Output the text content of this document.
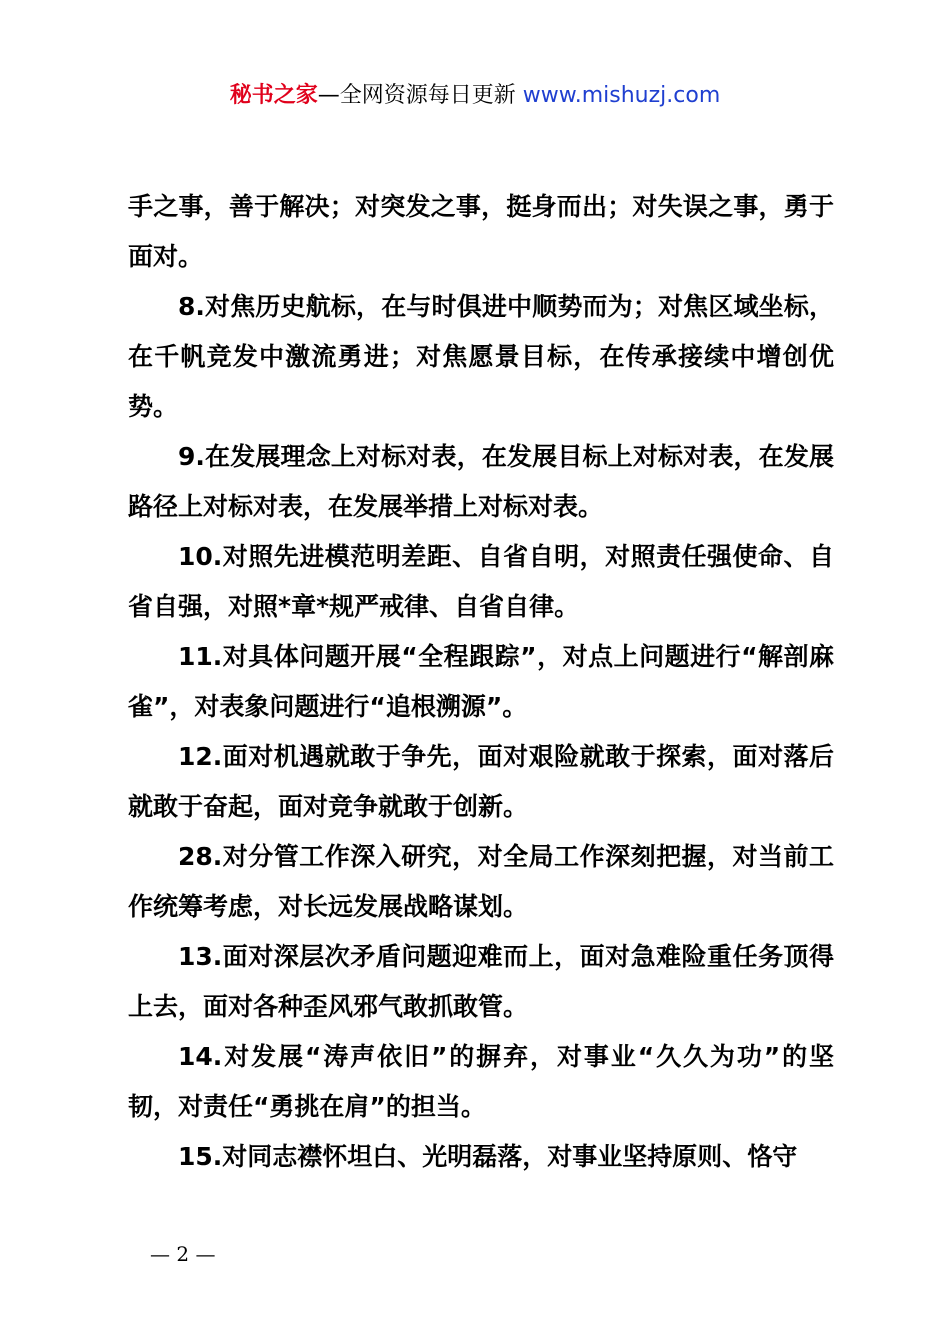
秘书之家—全网资源每日更新 www.mishuzj.com

手之事，善于解决；对突发之事，挺身而出；对失误之事，勇于面对。

8.对焦历史航标，在与时俱进中顺势而为；对焦区域坐标，在千帆竞发中激流勇进；对焦愿景目标，在传承接续中增创优势。

9.在发展理念上对标对表，在发展目标上对标对表，在发展路径上对标对表，在发展举措上对标对表。

10.对照先进模范明差距、自省自明，对照责任强使命、自省自强，对照*章*规严戒律、自省自律。

11.对具体问题开展“全程跟踪”，对点上问题进行“解剖麻雀”，对表象问题进行“追根溯源”。

12.面对机遇就敢于争先，面对艰险就敢于探索，面对落后就敢于奋起，面对竞争就敢于创新。

28.对分管工作深入研究，对全局工作深刻把握，对当前工作统筹考虑，对长远发展战略谋划。

13.面对深层次矛盾问题迎难而上，面对急难险重任务顶得上去，面对各种歪风邪气敢抓敢管。

14.对发展“涛声依旧”的摒弃，对事业“久久为功”的坚韧，对责任“勇挑在肩”的担当。

15.对同志襟怀坦白、光明磊落，对事业坚持原则、恪守

— 2 —
